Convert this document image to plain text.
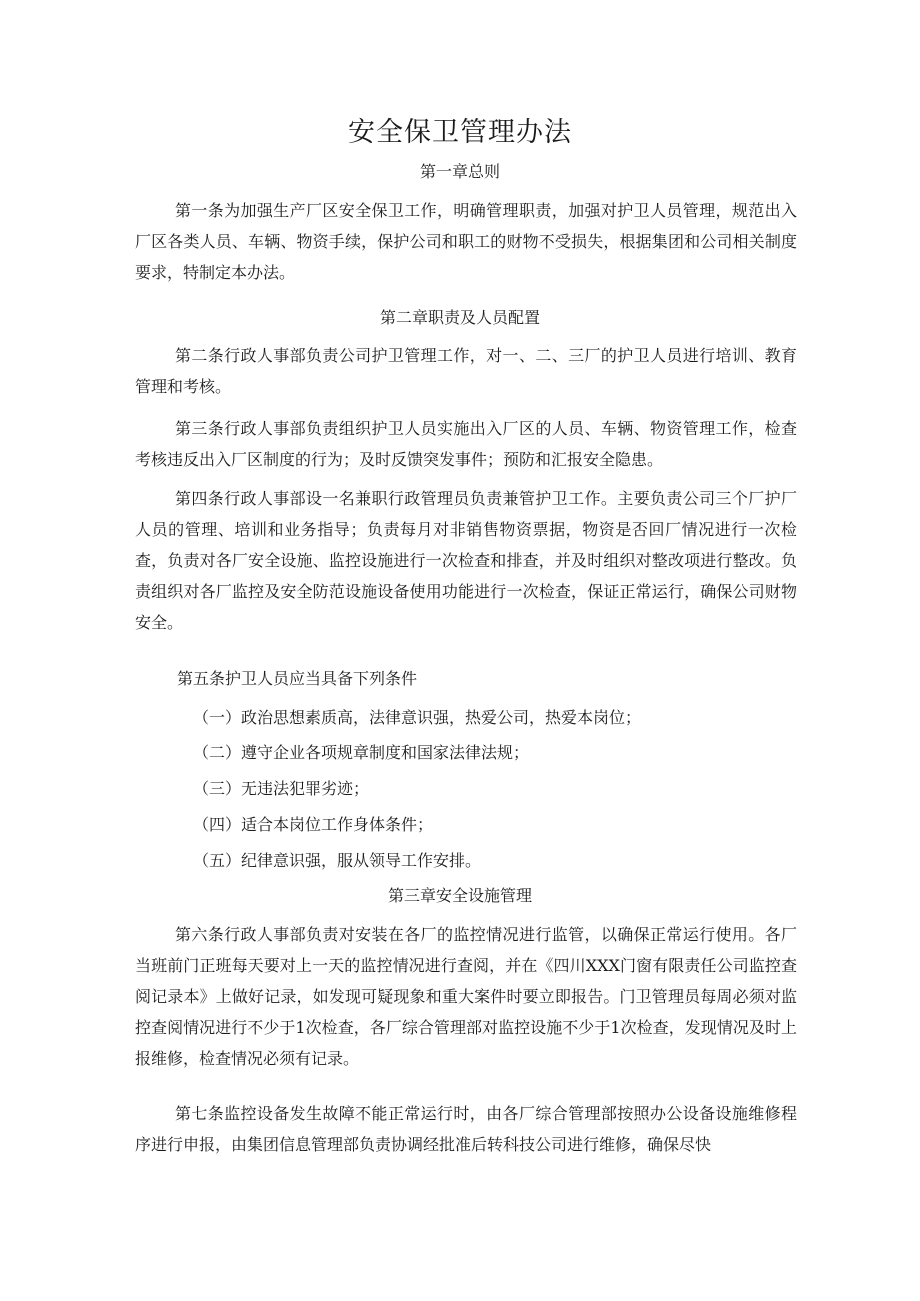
安全保卫管理办法
第一章总则
第一条为加强生产厂区安全保卫工作，明确管理职责，加强对护卫人员管理，规范出入厂区各类人员、车辆、物资手续，保护公司和职工的财物不受损失，根据集团和公司相关制度要求，特制定本办法。
第二章职责及人员配置
第二条行政人事部负责公司护卫管理工作，对一、二、三厂的护卫人员进行培训、教育管理和考核。
第三条行政人事部负责组织护卫人员实施出入厂区的人员、车辆、物资管理工作，检查考核违反出入厂区制度的行为；及时反馈突发事件；预防和汇报安全隐患。
第四条行政人事部设一名兼职行政管理员负责兼管护卫工作。主要负责公司三个厂护厂人员的管理、培训和业务指导；负责每月对非销售物资票据，物资是否回厂情况进行一次检查，负责对各厂安全设施、监控设施进行一次检查和排查，并及时组织对整改项进行整改。负责组织对各厂监控及安全防范设施设备使用功能进行一次检查，保证正常运行，确保公司财物安全。
第五条护卫人员应当具备下列条件
（一）政治思想素质高，法律意识强，热爱公司，热爱本岗位；
（二）遵守企业各项规章制度和国家法律法规；
（三）无违法犯罪劣迹；
（四）适合本岗位工作身体条件；
（五）纪律意识强，服从领导工作安排。
第三章安全设施管理
第六条行政人事部负责对安装在各厂的监控情况进行监管，以确保正常运行使用。各厂当班前门正班每天要对上一天的监控情况进行查阅，并在《四川XXX门窗有限责任公司监控查阅记录本》上做好记录，如发现可疑现象和重大案件时要立即报告。门卫管理员每周必须对监控查阅情况进行不少于1次检查，各厂综合管理部对监控设施不少于1次检查，发现情况及时上报维修，检查情况必须有记录。
第七条监控设备发生故障不能正常运行时，由各厂综合管理部按照办公设备设施维修程序进行申报，由集团信息管理部负责协调经批准后转科技公司进行维修，确保尽快
